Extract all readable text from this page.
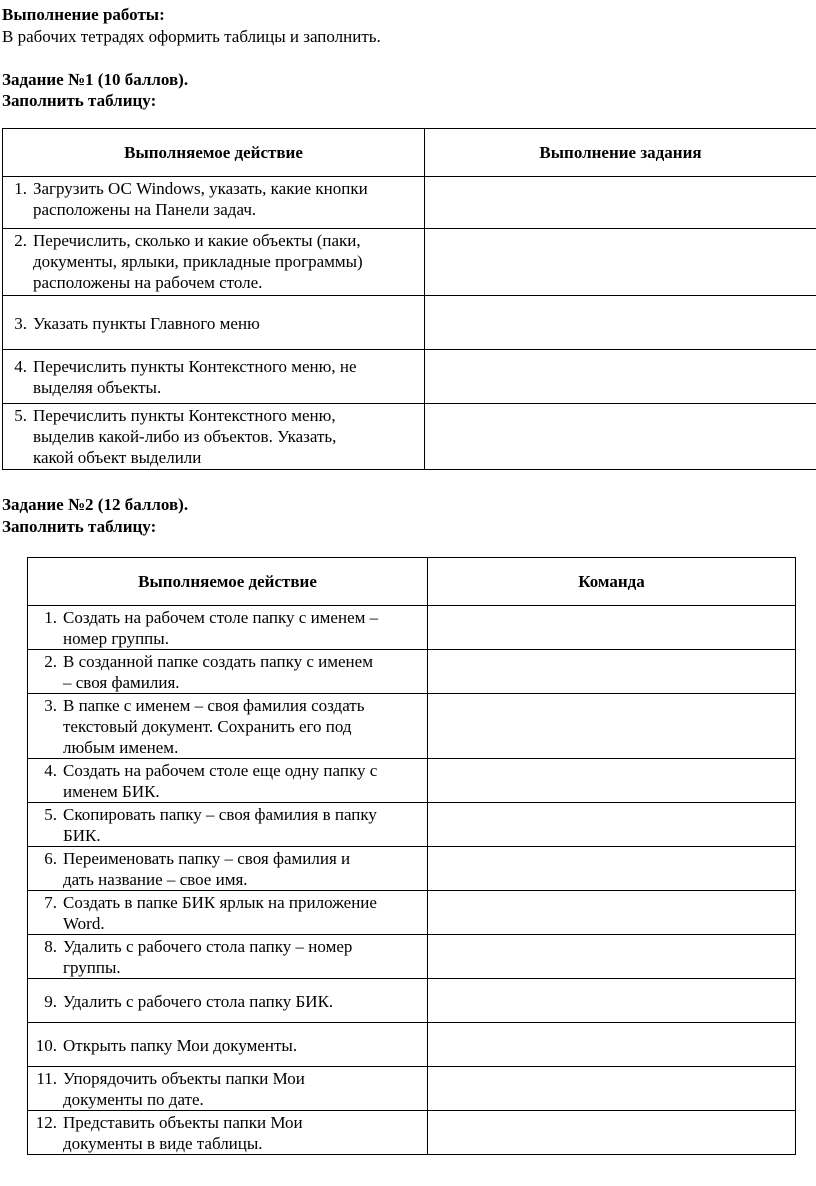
Выполнение работы:
В рабочих тетрадях оформить таблицы и заполнить.
Задание №1 (10 баллов).
Заполнить таблицу:
Выполняемое действие	Выполнение задания

1. Загрузить ОС Windows, указать, какие кнопки
расположены на Панели задач.	

2. Перечислить, сколько и какие объекты (паки,
документы, ярлыки, прикладные программы)
расположены на рабочем столе.	

3. Указать пункты Главного меню	

4. Перечислить пункты Контекстного меню, не
выделяя объекты.	

5. Перечислить пункты Контекстного меню,
выделив какой-либо из объектов. Указать,
какой объект выделили	

Задание №2 (12 баллов).
Заполнить таблицу:
Выполняемое действие	Команда

1. Создать на рабочем столе папку с именем –
номер группы.	

2. В созданной папке создать папку с именем
– своя фамилия.	

3. В папке с именем – своя фамилия создать
текстовый документ. Сохранить его под
любым именем.	

4. Создать на рабочем столе еще одну папку с
именем БИК.	

5. Скопировать папку – своя фамилия в папку
БИК.	

6. Переименовать папку – своя фамилия и
дать название – свое имя.	

7. Создать в папке БИК ярлык на приложение
Word.	

8. Удалить с рабочего стола папку – номер
группы.	

9. Удалить с рабочего стола папку БИК.	

10. Открыть папку Мои документы.	

11. Упорядочить объекты папки Мои
документы по дате.	

12. Представить объекты папки Мои
документы в виде таблицы.	
